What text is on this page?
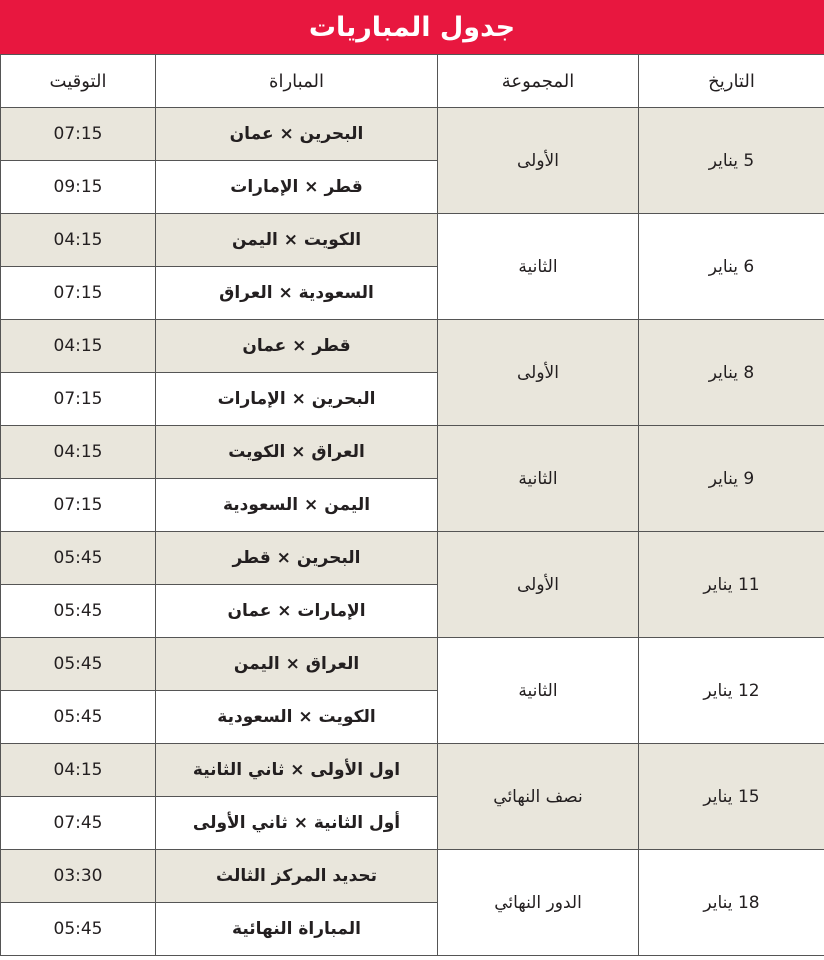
جدول المباريات
التاريخ	المجموعة	المباراة	التوقيت
5 يناير	الأولى	البحرين × عمان	07:15
		قطر × الإمارات	09:15
6 يناير	الثانية	الكويت × اليمن	04:15
		السعودية × العراق	07:15
8 يناير	الأولى	قطر × عمان	04:15
		البحرين × الإمارات	07:15
9 يناير	الثانية	العراق × الكويت	04:15
		اليمن × السعودية	07:15
11 يناير	الأولى	البحرين × قطر	05:45
		الإمارات × عمان	05:45
12 يناير	الثانية	العراق × اليمن	05:45
		الكويت × السعودية	05:45
15 يناير	نصف النهائي	اول الأولى × ثاني الثانية	04:15
		أول الثانية × ثاني الأولى	07:45
18 يناير	الدور النهائي	تحديد المركز الثالث	03:30
		المباراة النهائية	05:45
